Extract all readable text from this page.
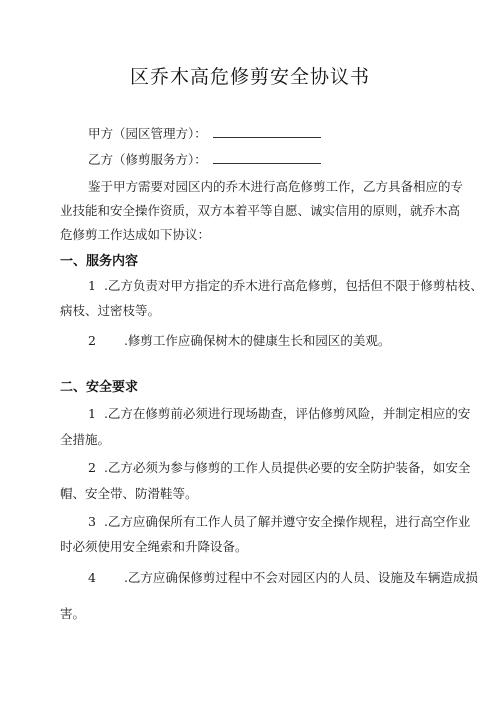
区乔木高危修剪安全协议书
甲方（园区管理方）：
乙方（修剪服务方）：
鉴于甲方需要对园区内的乔木进行高危修剪工作，乙方具备相应的专
业技能和安全操作资质，双方本着平等自愿、诚实信用的原则，就乔木高
危修剪工作达成如下协议：
一、服务内容
1 .乙方负责对甲方指定的乔木进行高危修剪，包括但不限于修剪枯枝、
病枝、过密枝等。
2 .修剪工作应确保树木的健康生长和园区的美观。
二、安全要求
1 .乙方在修剪前必须进行现场勘查，评估修剪风险，并制定相应的安
全措施。
2 .乙方必须为参与修剪的工作人员提供必要的安全防护装备，如安全
帽、安全带、防滑鞋等。
3 .乙方应确保所有工作人员了解并遵守安全操作规程，进行高空作业
时必须使用安全绳索和升降设备。
4 .乙方应确保修剪过程中不会对园区内的人员、设施及车辆造成损
害。
